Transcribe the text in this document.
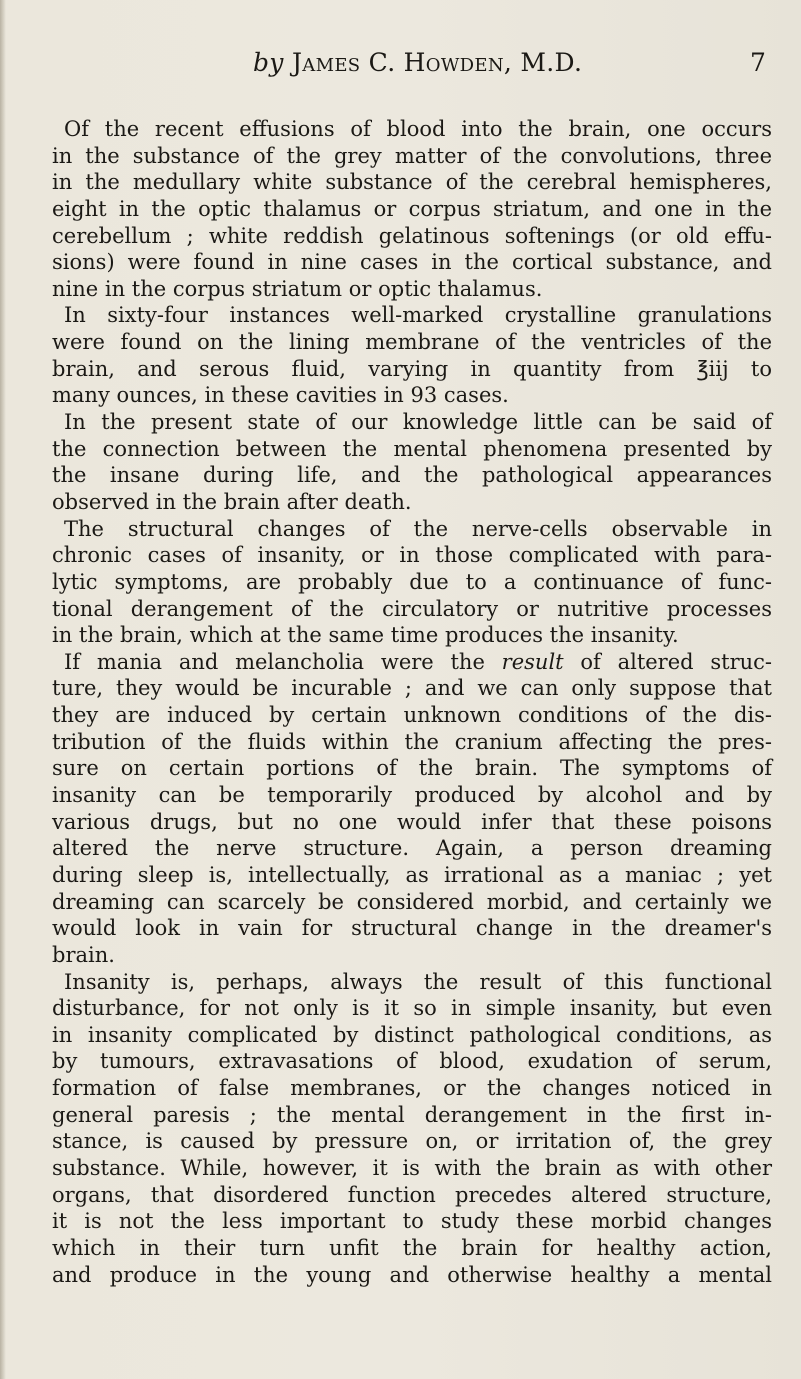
by James C. Howden, M.D.	7
Of the recent effusions of blood into the brain, one occurs
in the substance of the grey matter of the convolutions, three
in the medullary white substance of the cerebral hemispheres,
eight in the optic thalamus or corpus striatum, and one in the
cerebellum ; white reddish gelatinous softenings (or old effu-
sions) were found in nine cases in the cortical substance, and
nine in the corpus striatum or optic thalamus.
In sixty-four instances well-marked crystalline granulations
were found on the lining membrane of the ventricles of the
brain, and serous fluid, varying in quantity from ℥iij to
many ounces, in these cavities in 93 cases.
In the present state of our knowledge little can be said of
the connection between the mental phenomena presented by
the insane during life, and the pathological appearances
observed in the brain after death.
The structural changes of the nerve-cells observable in
chronic cases of insanity, or in those complicated with para-
lytic symptoms, are probably due to a continuance of func-
tional derangement of the circulatory or nutritive processes
in the brain, which at the same time produces the insanity.
If mania and melancholia were the result of altered struc-
ture, they would be incurable ; and we can only suppose that
they are induced by certain unknown conditions of the dis-
tribution of the fluids within the cranium affecting the pres-
sure on certain portions of the brain. The symptoms of
insanity can be temporarily produced by alcohol and by
various drugs, but no one would infer that these poisons
altered the nerve structure. Again, a person dreaming
during sleep is, intellectually, as irrational as a maniac ; yet
dreaming can scarcely be considered morbid, and certainly we
would look in vain for structural change in the dreamer's
brain.
Insanity is, perhaps, always the result of this functional
disturbance, for not only is it so in simple insanity, but even
in insanity complicated by distinct pathological conditions, as
by tumours, extravasations of blood, exudation of serum,
formation of false membranes, or the changes noticed in
general paresis ; the mental derangement in the first in-
stance, is caused by pressure on, or irritation of, the grey
substance. While, however, it is with the brain as with other
organs, that disordered function precedes altered structure,
it is not the less important to study these morbid changes
which in their turn unfit the brain for healthy action,
and produce in the young and otherwise healthy a mental
